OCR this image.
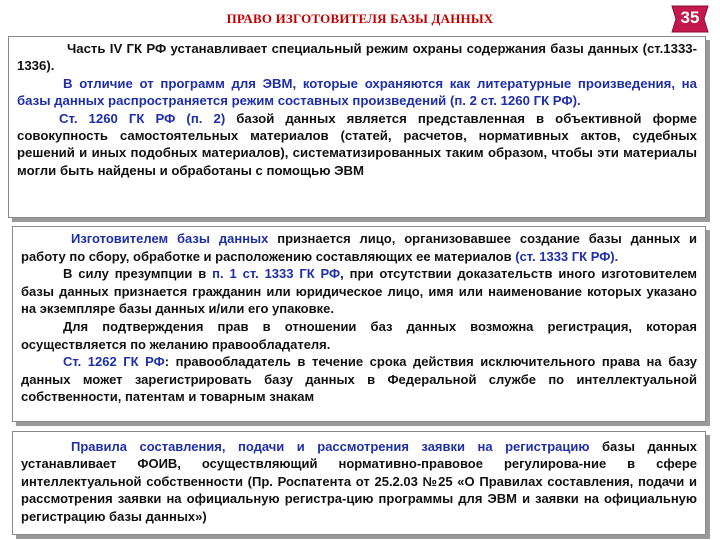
ПРАВО ИЗГОТОВИТЕЛЯ БАЗЫ ДАННЫХ	35

Часть IV ГК РФ устанавливает специальный режим охраны содержания базы данных (ст.1333-1336).

В отличие от программ для ЭВМ, которые охраняются как литературные произведения, на базы данных распространяется режим составных произведений (п. 2 ст. 1260 ГК РФ).

Ст. 1260 ГК РФ (п. 2) базой данных является представленная в объективной форме совокупность самостоятельных материалов (статей, расчетов, нормативных актов, судебных решений и иных подобных материалов), систематизированных таким образом, чтобы эти материалы могли быть найдены и обработаны с помощью ЭВМ

Изготовителем базы данных признается лицо, организовавшее создание базы данных и работу по сбору, обработке и расположению составляющих ее материалов (ст. 1333 ГК РФ).

В силу презумпции в п. 1 ст. 1333 ГК РФ, при отсутствии доказательств иного изготовителем базы данных признается гражданин или юридическое лицо, имя или наименование которых указано на экземпляре базы данных и/или его упаковке.

Для подтверждения прав в отношении баз данных возможна регистрация, которая осуществляется по желанию правообладателя.

Ст. 1262 ГК РФ: правообладатель в течение срока действия исключительного права на базу данных может зарегистрировать базу данных в Федеральной службе по интеллектуальной собственности, патентам и товарным знакам

Правила составления, подачи и рассмотрения заявки на регистрацию базы данных устанавливает ФОИВ, осуществляющий нормативно-правовое регулирова-ние в сфере интеллектуальной собственности (Пр. Роспатента от 25.2.03 №25 «О Правилах составления, подачи и рассмотрения заявки на официальную регистра-цию программы для ЭВМ и заявки на официальную регистрацию базы данных»)
